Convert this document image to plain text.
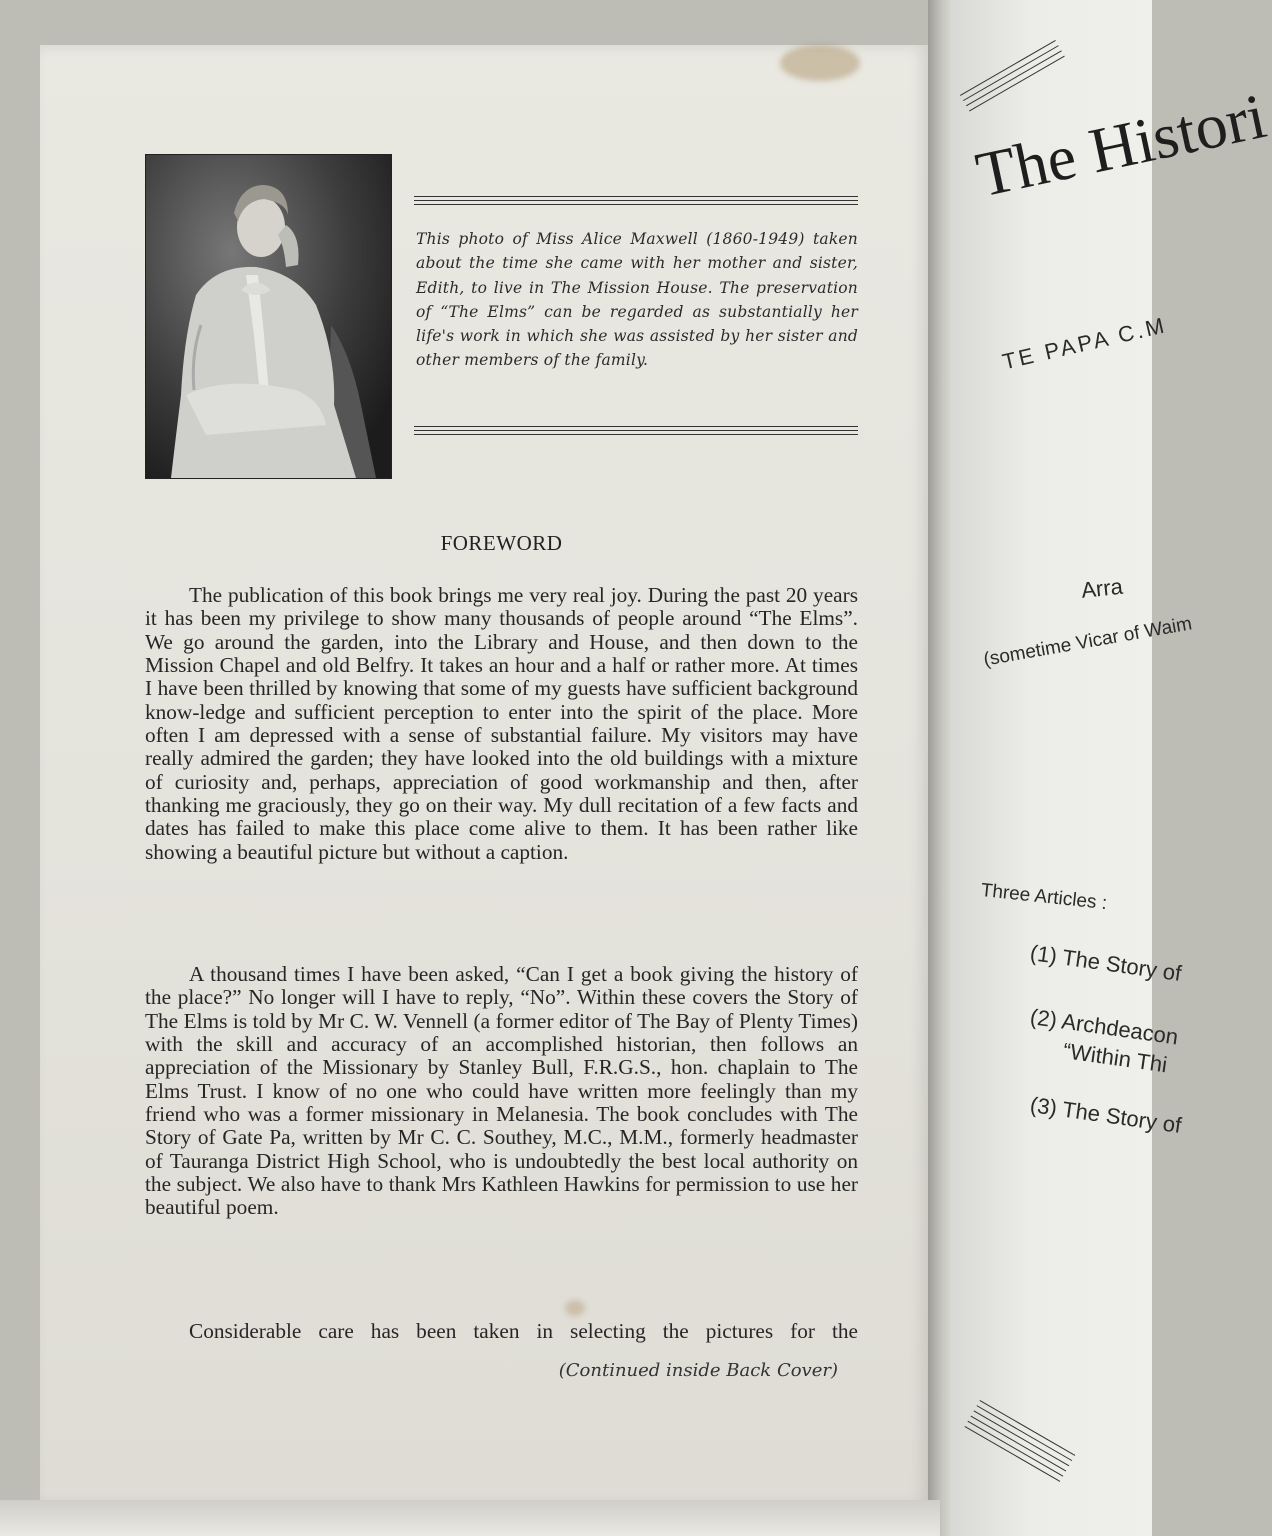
The Histori
TE PAPA C.M
Arra
(sometime Vicar of Waim
Three Articles :
(1) The Story of
(2) Archdeacon
“Within Thi
(3) The Story of
This photo of Miss Alice Maxwell (1860-1949) taken about the time she came with her mother and sister, Edith, to live in The Mission House. The preservation of “The Elms” can be regarded as substantially her life's work in which she was assisted by her sister and other members of the family.
FOREWORD
The publication of this book brings me very real joy. During the past 20 years it has been my privilege to show many thousands of people around “The Elms”. We go around the garden, into the Library and House, and then down to the Mission Chapel and old Belfry. It takes an hour and a half or rather more. At times I have been thrilled by knowing that some of my guests have sufficient background know-ledge and sufficient perception to enter into the spirit of the place. More often I am depressed with a sense of substantial failure. My visitors may have really admired the garden; they have looked into the old buildings with a mixture of curiosity and, perhaps, appreciation of good workmanship and then, after thanking me graciously, they go on their way. My dull recitation of a few facts and dates has failed to make this place come alive to them. It has been rather like showing a beautiful picture but without a caption.
A thousand times I have been asked, “Can I get a book giving the history of the place?” No longer will I have to reply, “No”. Within these covers the Story of The Elms is told by Mr C. W. Vennell (a former editor of The Bay of Plenty Times) with the skill and accuracy of an accomplished historian, then follows an appreciation of the Missionary by Stanley Bull, F.R.G.S., hon. chaplain to The Elms Trust. I know of no one who could have written more feelingly than my friend who was a former missionary in Melanesia. The book concludes with The Story of Gate Pa, written by Mr C. C. Southey, M.C., M.M., formerly headmaster of Tauranga District High School, who is undoubtedly the best local authority on the subject. We also have to thank Mrs Kathleen Hawkins for permission to use her beautiful poem.
Considerable care has been taken in selecting the pictures for the
(Continued inside Back Cover)
